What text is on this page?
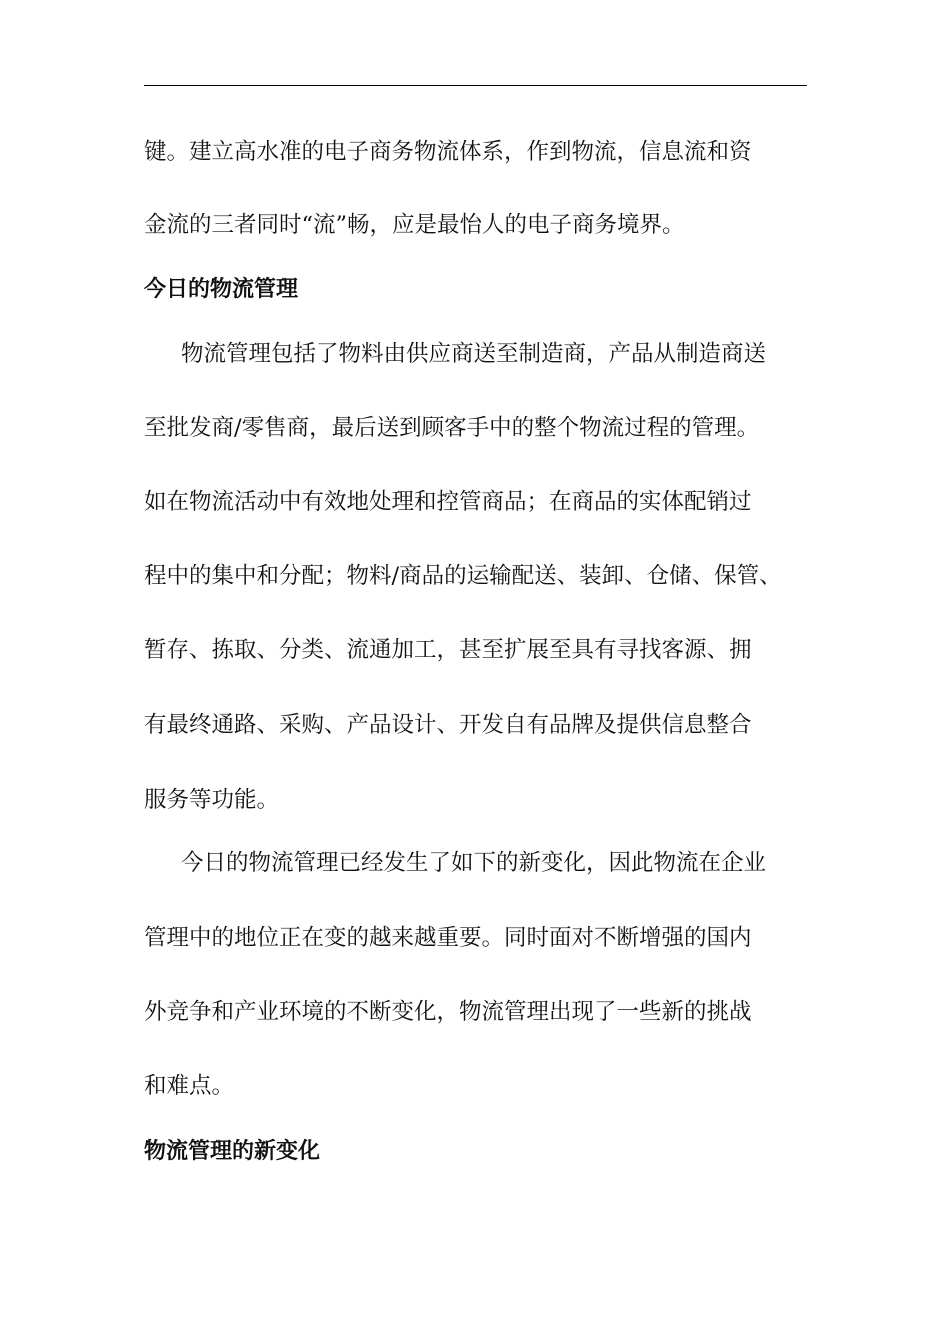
键。建立高水准的电子商务物流体系，作到物流，信息流和资
金流的三者同时“流”畅，应是最怡人的电子商务境界。
今日的物流管理
物流管理包括了物料由供应商送至制造商，产品从制造商送
至批发商/零售商，最后送到顾客手中的整个物流过程的管理。
如在物流活动中有效地处理和控管商品；在商品的实体配销过
程中的集中和分配；物料/商品的运输配送、装卸、仓储、保管、
暂存、拣取、分类、流通加工，甚至扩展至具有寻找客源、拥
有最终通路、采购、产品设计、开发自有品牌及提供信息整合
服务等功能。
今日的物流管理已经发生了如下的新变化，因此物流在企业
管理中的地位正在变的越来越重要。同时面对不断增强的国内
外竞争和产业环境的不断变化，物流管理出现了一些新的挑战
和难点。
物流管理的新变化
